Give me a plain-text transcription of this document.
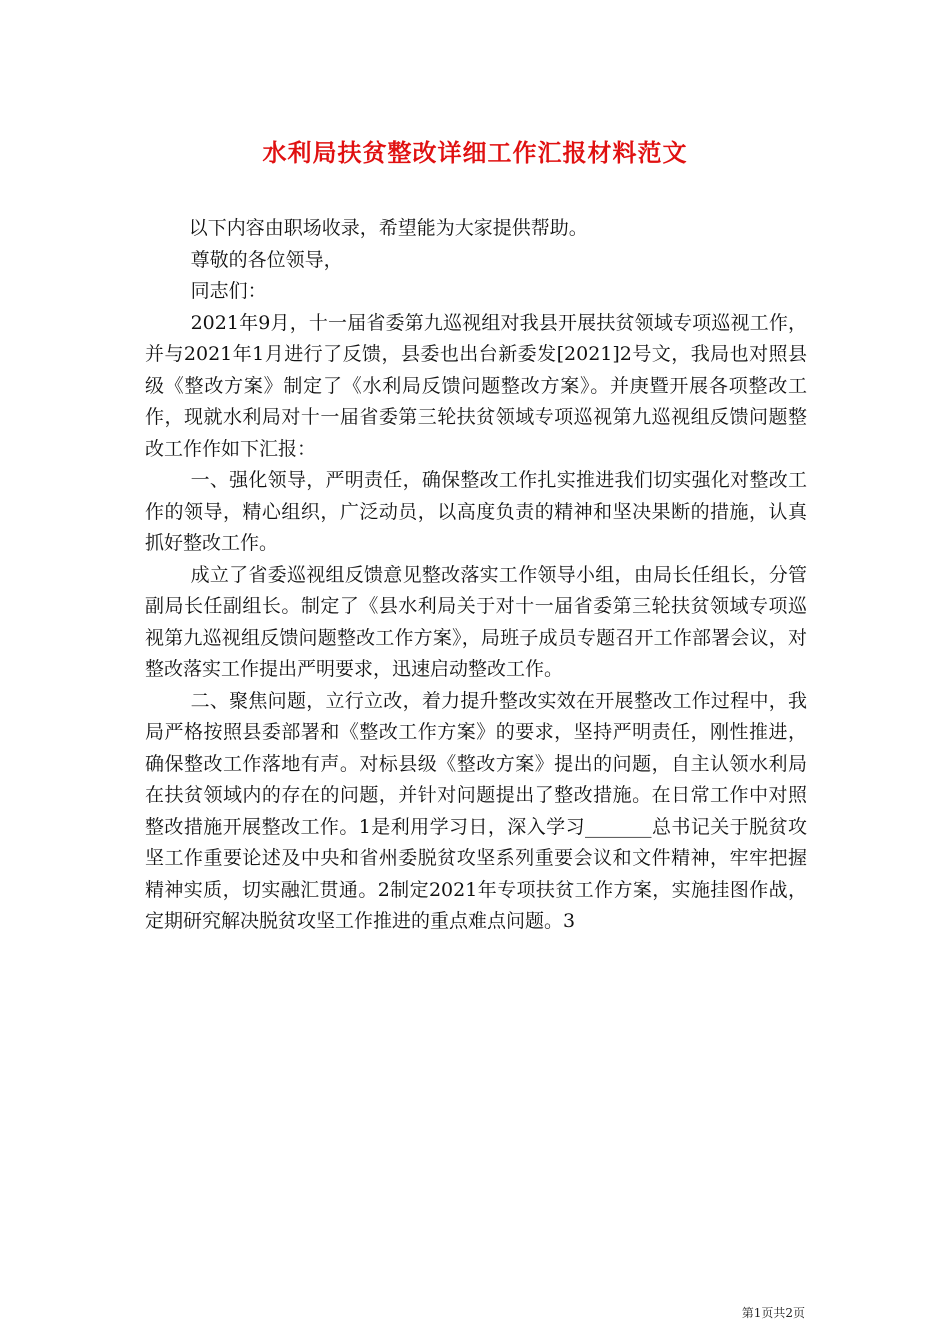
水利局扶贫整改详细工作汇报材料范文

以下内容由职场收录，希望能为大家提供帮助。

尊敬的各位领导，

同志们：

2021年9月，十一届省委第九巡视组对我县开展扶贫领域专项巡视工作，并与2021年1月进行了反馈，县委也出台新委发[2021]2号文，我局也对照县级《整改方案》制定了《水利局反馈问题整改方案》。并庚暨开展各项整改工作，现就水利局对十一届省委第三轮扶贫领域专项巡视第九巡视组反馈问题整改工作作如下汇报：

一、强化领导，严明责任，确保整改工作扎实推进我们切实强化对整改工作的领导，精心组织，广泛动员，以高度负责的精神和坚决果断的措施，认真抓好整改工作。

成立了省委巡视组反馈意见整改落实工作领导小组，由局长任组长，分管副局长任副组长。制定了《县水利局关于对十一届省委第三轮扶贫领域专项巡视第九巡视组反馈问题整改工作方案》，局班子成员专题召开工作部署会议，对整改落实工作提出严明要求，迅速启动整改工作。

二、聚焦问题，立行立改，着力提升整改实效在开展整改工作过程中，我局严格按照县委部署和《整改工作方案》的要求，坚持严明责任，刚性推进，确保整改工作落地有声。对标县级《整改方案》提出的问题，自主认领水利局在扶贫领域内的存在的问题，并针对问题提出了整改措施。在日常工作中对照整改措施开展整改工作。1是利用学习日，深入学习_______总书记关于脱贫攻坚工作重要论述及中央和省州委脱贫攻坚系列重要会议和文件精神，牢牢把握精神实质，切实融汇贯通。2制定2021年专项扶贫工作方案，实施挂图作战，定期研究解决脱贫攻坚工作推进的重点难点问题。3

第1页共2页
